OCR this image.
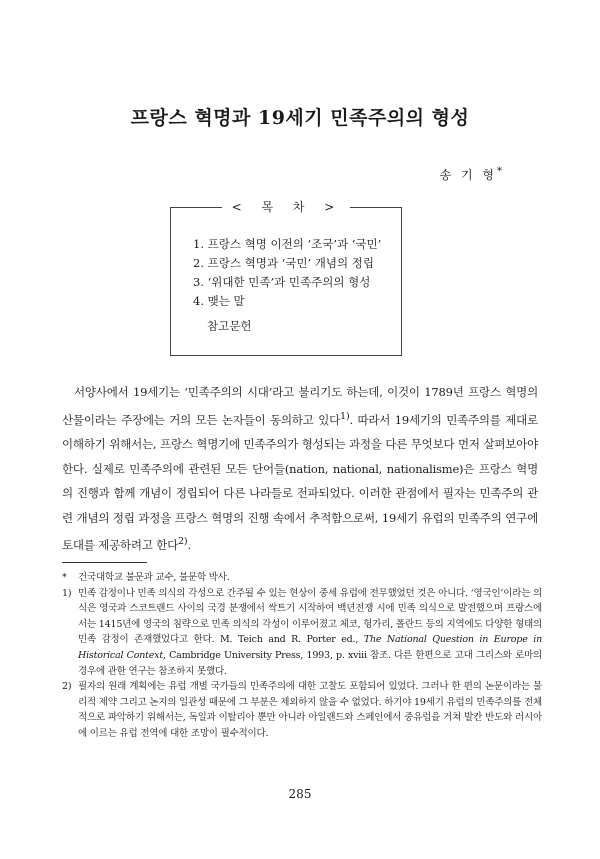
프랑스 혁명과 19세기 민족주의의 형성
송 기 형*
< 목 차 >
1. 프랑스 혁명 이전의 ‘조국’과 ‘국민’
2. 프랑스 혁명과 ‘국민’ 개념의 정립
3. ‘위대한 민족’과 민족주의의 형성
4. 맺는 말
참고문헌

서양사에서 19세기는 ‘민족주의의 시대’라고 불리기도 하는데, 이것이 1789년 프랑스 혁명의 산물이라는 주장에는 거의 모든 논자들이 동의하고 있다$^{1)}$. 따라서 19세기의 민족주의를 제대로 이해하기 위해서는, 프랑스 혁명기에 민족주의가 형성되는 과정을 다른 무엇보다 먼저 살펴보아야 한다. 실제로 민족주의에 관련된 모든 단어들(nation, national, nationalisme)은 프랑스 혁명의 진행과 함께 개념이 정립되어 다른 나라들로 전파되었다. 이러한 관점에서 필자는 민족주의 관련 개념의 정립 과정을 프랑스 혁명의 진행 속에서 추적함으로써, 19세기 유럽의 민족주의 연구에 토대를 제공하려고 한다$^{2)}$.

*	건국대학교 불문과 교수, 불문학 박사.
1) 민족 감정이나 민족 의식의 각성으로 간주될 수 있는 현상이 중세 유럽에 전무했었던 것은 아니다. ‘영국인’이라는 의식은 영국과 스코트랜드 사이의 국경 분쟁에서 싹트기 시작하여 백년전쟁 시에 민족 의식으로 발전했으며 프랑스에서는 1415년에 영국의 침략으로 민족 의식의 각성이 이루어졌고 체코, 헝가리, 폴란드 등의 지역에도 다양한 형태의 민족 감정이 존재했었다고 한다. M. Teich and R. Porter ed., The National Question in Europe in Historical Context, Cambridge University Press, 1993, p. xviii 참조. 다른 한편으로 고대 그리스와 로마의 경우에 관한 연구는 참조하지 못했다.
2) 필자의 원래 계획에는 유럽 개별 국가들의 민족주의에 대한 고찰도 포함되어 있었다. 그러나 한 편의 논문이라는 물리적 제약 그리고 논지의 일관성 때문에 그 부분은 제외하지 않을 수 없었다. 하기야 19세기 유럽의 민족주의를 전체적으로 파악하기 위해서는, 독일과 이탈리아 뿐만 아니라 아일랜드와 스페인에서 중유럽을 거쳐 발칸 반도와 러시아에 이르는 유럽 전역에 대한 조망이 필수적이다.
285
